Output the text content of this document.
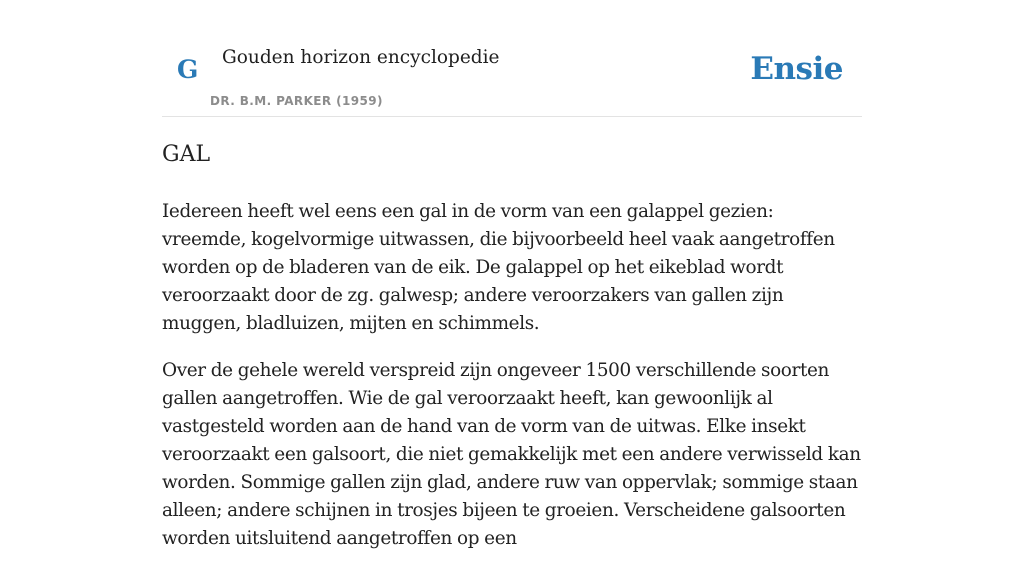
G Gouden horizon encyclopedie
DR. B.M. PARKER (1959)
Ensie
GAL

Iedereen heeft wel eens een gal in de vorm van een galappel gezien: vreemde, kogelvormige uitwassen, die bijvoorbeeld heel vaak aangetroffen worden op de bladeren van de eik. De galappel op het eikeblad wordt veroorzaakt door de zg. galwesp; andere veroorzakers van gallen zijn muggen, bladluizen, mijten en schimmels.

Over de gehele wereld verspreid zijn ongeveer 1500 verschillende soorten gallen aangetroffen. Wie de gal veroorzaakt heeft, kan gewoonlijk al vastgesteld worden aan de hand van de vorm van de uitwas. Elke insekt veroorzaakt een galsoort, die niet gemakkelijk met een andere verwisseld kan worden. Sommige gallen zijn glad, andere ruw van oppervlak; sommige staan alleen; andere schijnen in trosjes bijeen te groeien. Verscheidene galsoorten worden uitsluitend aangetroffen op een
